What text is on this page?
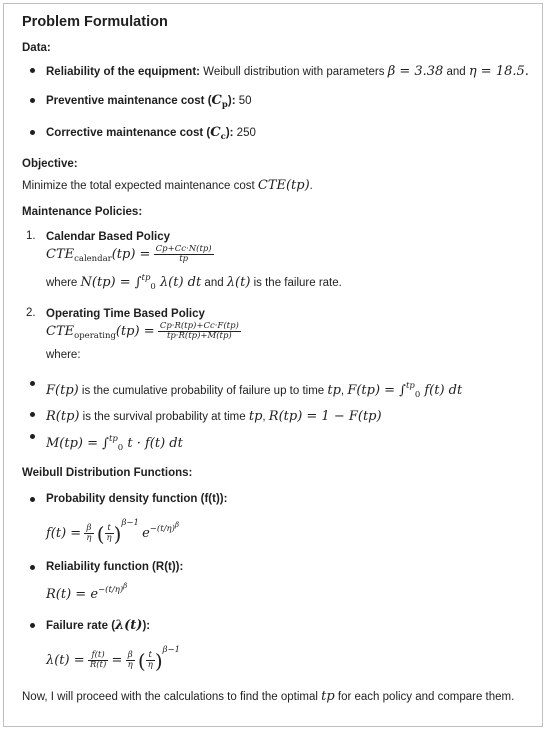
Problem Formulation
Data:
Reliability of the equipment: Weibull distribution with parameters β = 3.38 and η = 18.5.
Preventive maintenance cost $(C_p)$: 50
Corrective maintenance cost $(C_c)$: 250
Objective:
Minimize the total expected maintenance cost CTE(tp).
Maintenance Policies:
1. Calendar Based Policy
$CTE_{calendar}(tp) = \frac{Cp+Cc\cdot N(tp)}{tp}$
where N(tp) = ∫$^{tp}_0$ λ(t) dt and λ(t) is the failure rate.
2. Operating Time Based Policy
$CTE_{operating}(tp) = \frac{Cp\cdot R(tp)+Cc\cdot F(tp)}{tp\cdot R(tp)+M(tp)}$
where:
F(tp) is the cumulative probability of failure up to time tp, F(tp) = ∫$^{tp}_0$ f(t) dt
R(tp) is the survival probability at time tp, R(tp) = 1 − F(tp)
M(tp) = ∫$^{tp}_0$ t · f(t) dt
Weibull Distribution Functions:
Probability density function (f(t)):
$f(t) = \frac{\beta}{\eta}$ ( $\frac{t}{\eta} )^{\beta-1}$ $e^{-(t/\eta)\beta}$
Reliability function (R(t)):
$R(t) = e^{-(t/\eta)\beta}$
Failure rate (λ(t)):
$\lambda(t) = \frac{f(t)}{R(t)} = \frac{\beta}{\eta}$ ( $\frac{t}{\eta} )^{\beta-1}$
Now, I will proceed with the calculations to find the optimal tp for each policy and compare them.
